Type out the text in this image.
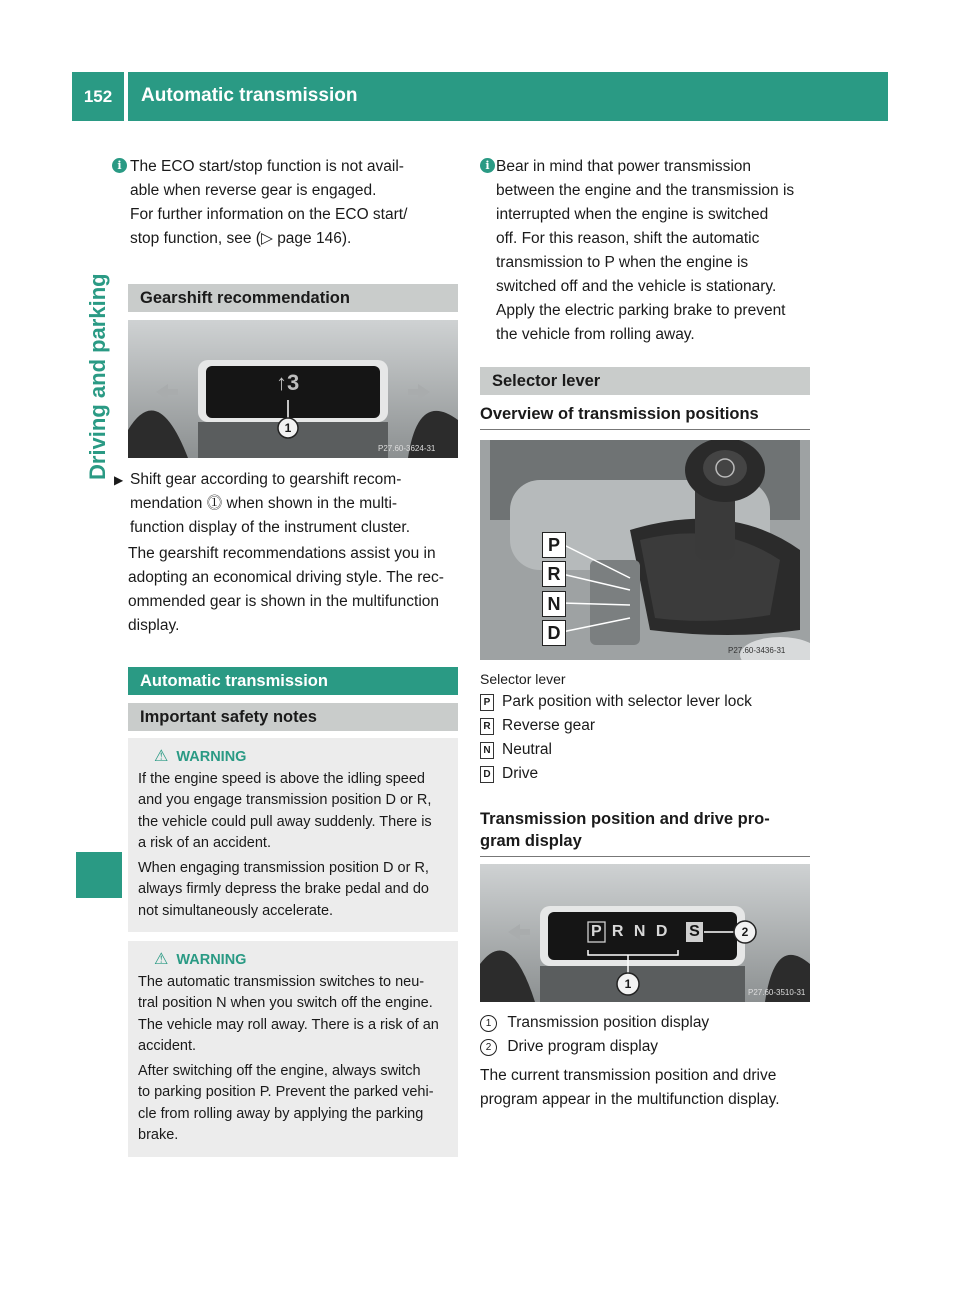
152	Automatic transmission
Driving and parking
i The ECO start/stop function is not avail-
able when reverse gear is engaged.
For further information on the ECO start/
stop function, see (▷ page 146).
Gearshift recommendation
↑3
1
P27.60-3624-31
▶ Shift gear according to gearshift recom-
mendation ⓵ when shown in the multi-
function display of the instrument cluster.
The gearshift recommendations assist you in
adopting an economical driving style. The rec-
ommended gear is shown in the multifunction
display.
Automatic transmission
Important safety notes
⚠ WARNING
If the engine speed is above the idling speed
and you engage transmission position D or R,
the vehicle could pull away suddenly. There is
a risk of an accident.
When engaging transmission position D or R,
always firmly depress the brake pedal and do
not simultaneously accelerate.
⚠ WARNING
The automatic transmission switches to neu-
tral position N when you switch off the engine.
The vehicle may roll away. There is a risk of an
accident.
After switching off the engine, always switch
to parking position P. Prevent the parked vehi-
cle from rolling away by applying the parking
brake.
i Bear in mind that power transmission
between the engine and the transmission is
interrupted when the engine is switched
off. For this reason, shift the automatic
transmission to P when the engine is
switched off and the vehicle is stationary.
Apply the electric parking brake to prevent
the vehicle from rolling away.
Selector lever
Overview of transmission positions
P
R
N
D
P27.60-3436-31
Selector lever
P Park position with selector lever lock
R Reverse gear
N Neutral
D Drive
Transmission position and drive pro-
gram display
P R N D S	2
1
P27.60-3510-31
1 Transmission position display
2 Drive program display
The current transmission position and drive
program appear in the multifunction display.
